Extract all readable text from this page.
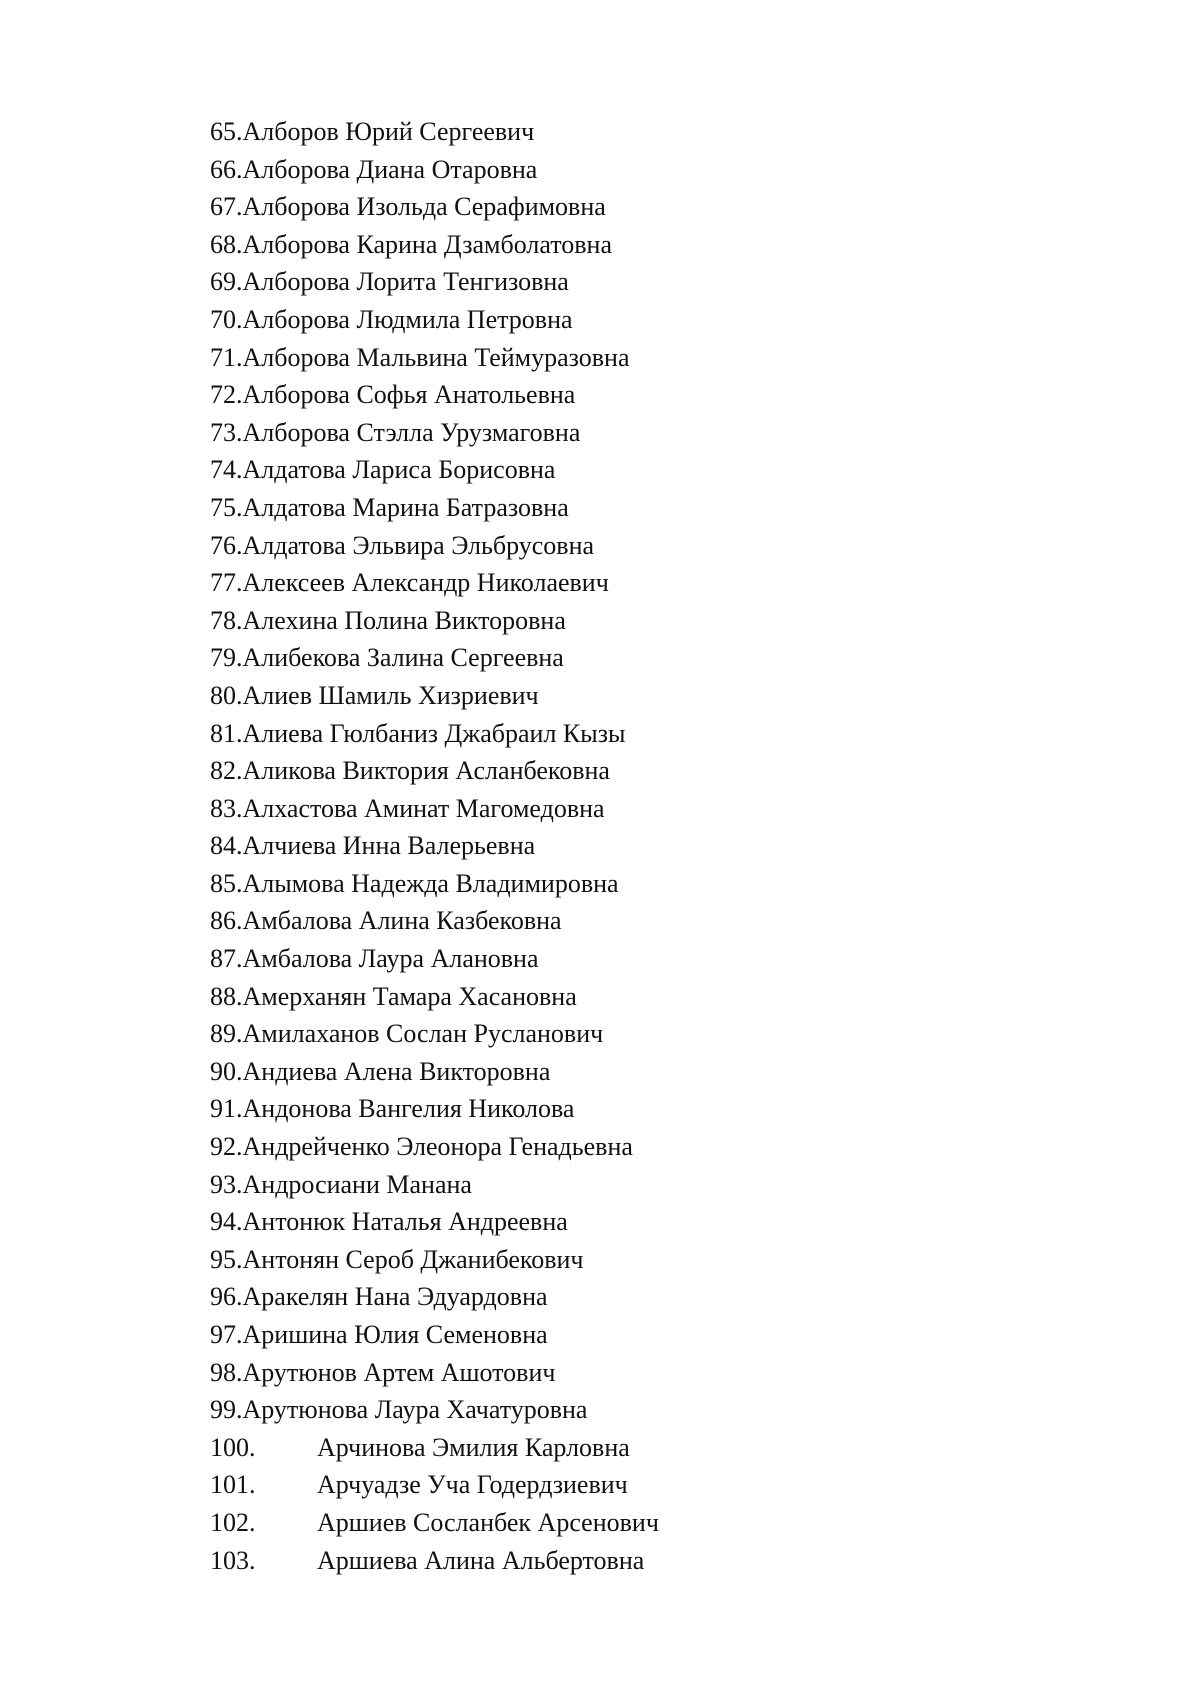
65.Алборов Юрий Сергеевич
66.Алборова Диана Отаровна
67.Алборова Изольда Серафимовна
68.Алборова Карина Дзамболатовна
69.Алборова Лорита Тенгизовна
70.Алборова Людмила Петровна
71.Алборова Мальвина Теймуразовна
72.Алборова Софья Анатольевна
73.Алборова Стэлла Урузмаговна
74.Алдатова Лариса Борисовна
75.Алдатова Марина Батразовна
76.Алдатова Эльвира Эльбрусовна
77.Алексеев Александр Николаевич
78.Алехина Полина Викторовна
79.Алибекова Залина Сергеевна
80.Алиев Шамиль Хизриевич
81.Алиева Гюлбаниз Джабраил Кызы
82.Аликова Виктория Асланбековна
83.Алхастова Аминат Магомедовна
84.Алчиева Инна Валерьевна
85.Алымова Надежда Владимировна
86.Амбалова Алина Казбековна
87.Амбалова Лаура Алановна
88.Амерханян Тамара Хасановна
89.Амилаханов Сослан Русланович
90.Андиева Алена Викторовна
91.Андонова Вангелия Николова
92.Андрейченко Элеонора Генадьевна
93.Андросиани Манана
94.Антонюк Наталья Андреевна
95.Антонян Сероб Джанибекович
96.Аракелян Нана Эдуардовна
97.Аришина Юлия Семеновна
98.Арутюнов Артем Ашотович
99.Арутюнова Лаура Хачатуровна
100. Арчинова Эмилия Карловна
101. Арчуадзе Уча Годердзиевич
102. Аршиев Сосланбек Арсенович
103. Аршиева Алина Альбертовна
